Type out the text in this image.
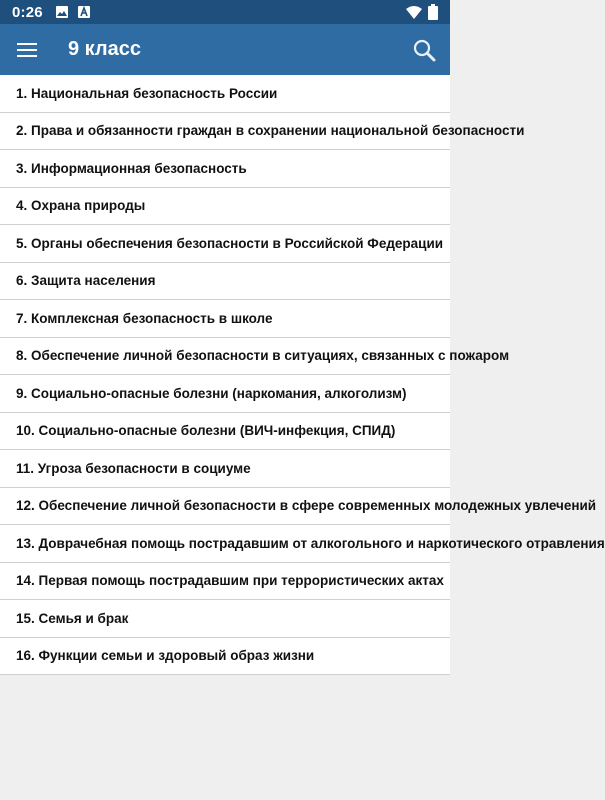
0:26
9 класс
1. Национальная безопасность России
2. Права и обязанности граждан в сохранении национальной безопасности
3. Информационная безопасность
4. Охрана природы
5. Органы обеспечения безопасности в Российской Федерации
6. Защита населения
7. Комплексная безопасность в школе
8. Обеспечение личной безопасности в ситуациях, связанных с пожаром
9. Социально-опасные болезни (наркомания, алкоголизм)
10. Социально-опасные болезни (ВИЧ-инфекция, СПИД)
11. Угроза безопасности в социуме
12. Обеспечение личной безопасности в сфере современных молодежных увлечений
13. Доврачебная помощь пострадавшим от алкогольного и наркотического отравления
14. Первая помощь пострадавшим при террористических актах
15. Семья и брак
16. Функции семьи и здоровый образ жизни
